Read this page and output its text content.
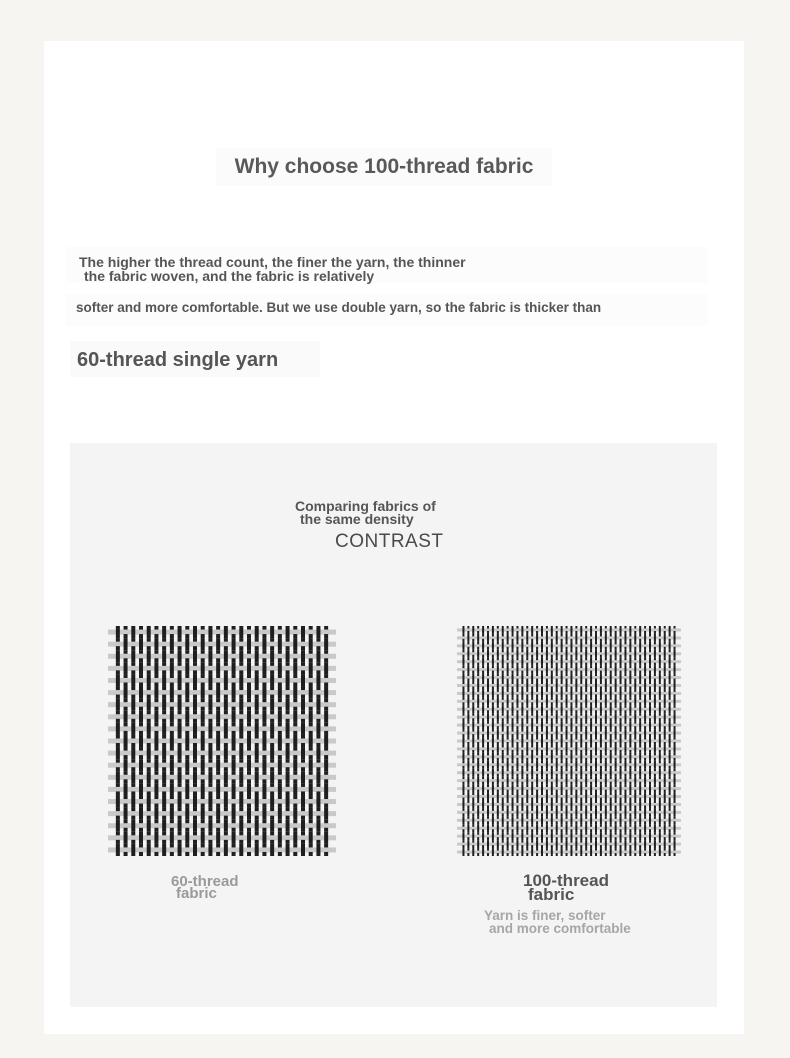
Why choose 100-thread fabric
The higher the thread count, the finer the yarn, the thinner
the fabric woven, and the fabric is relatively
softer and more comfortable. But we use double yarn, so the fabric is thicker than
60-thread single yarn
Comparing fabrics of
the same density
CONTRAST
60-thread
fabric
100-thread
fabric
Yarn is finer, softer
and more comfortable
